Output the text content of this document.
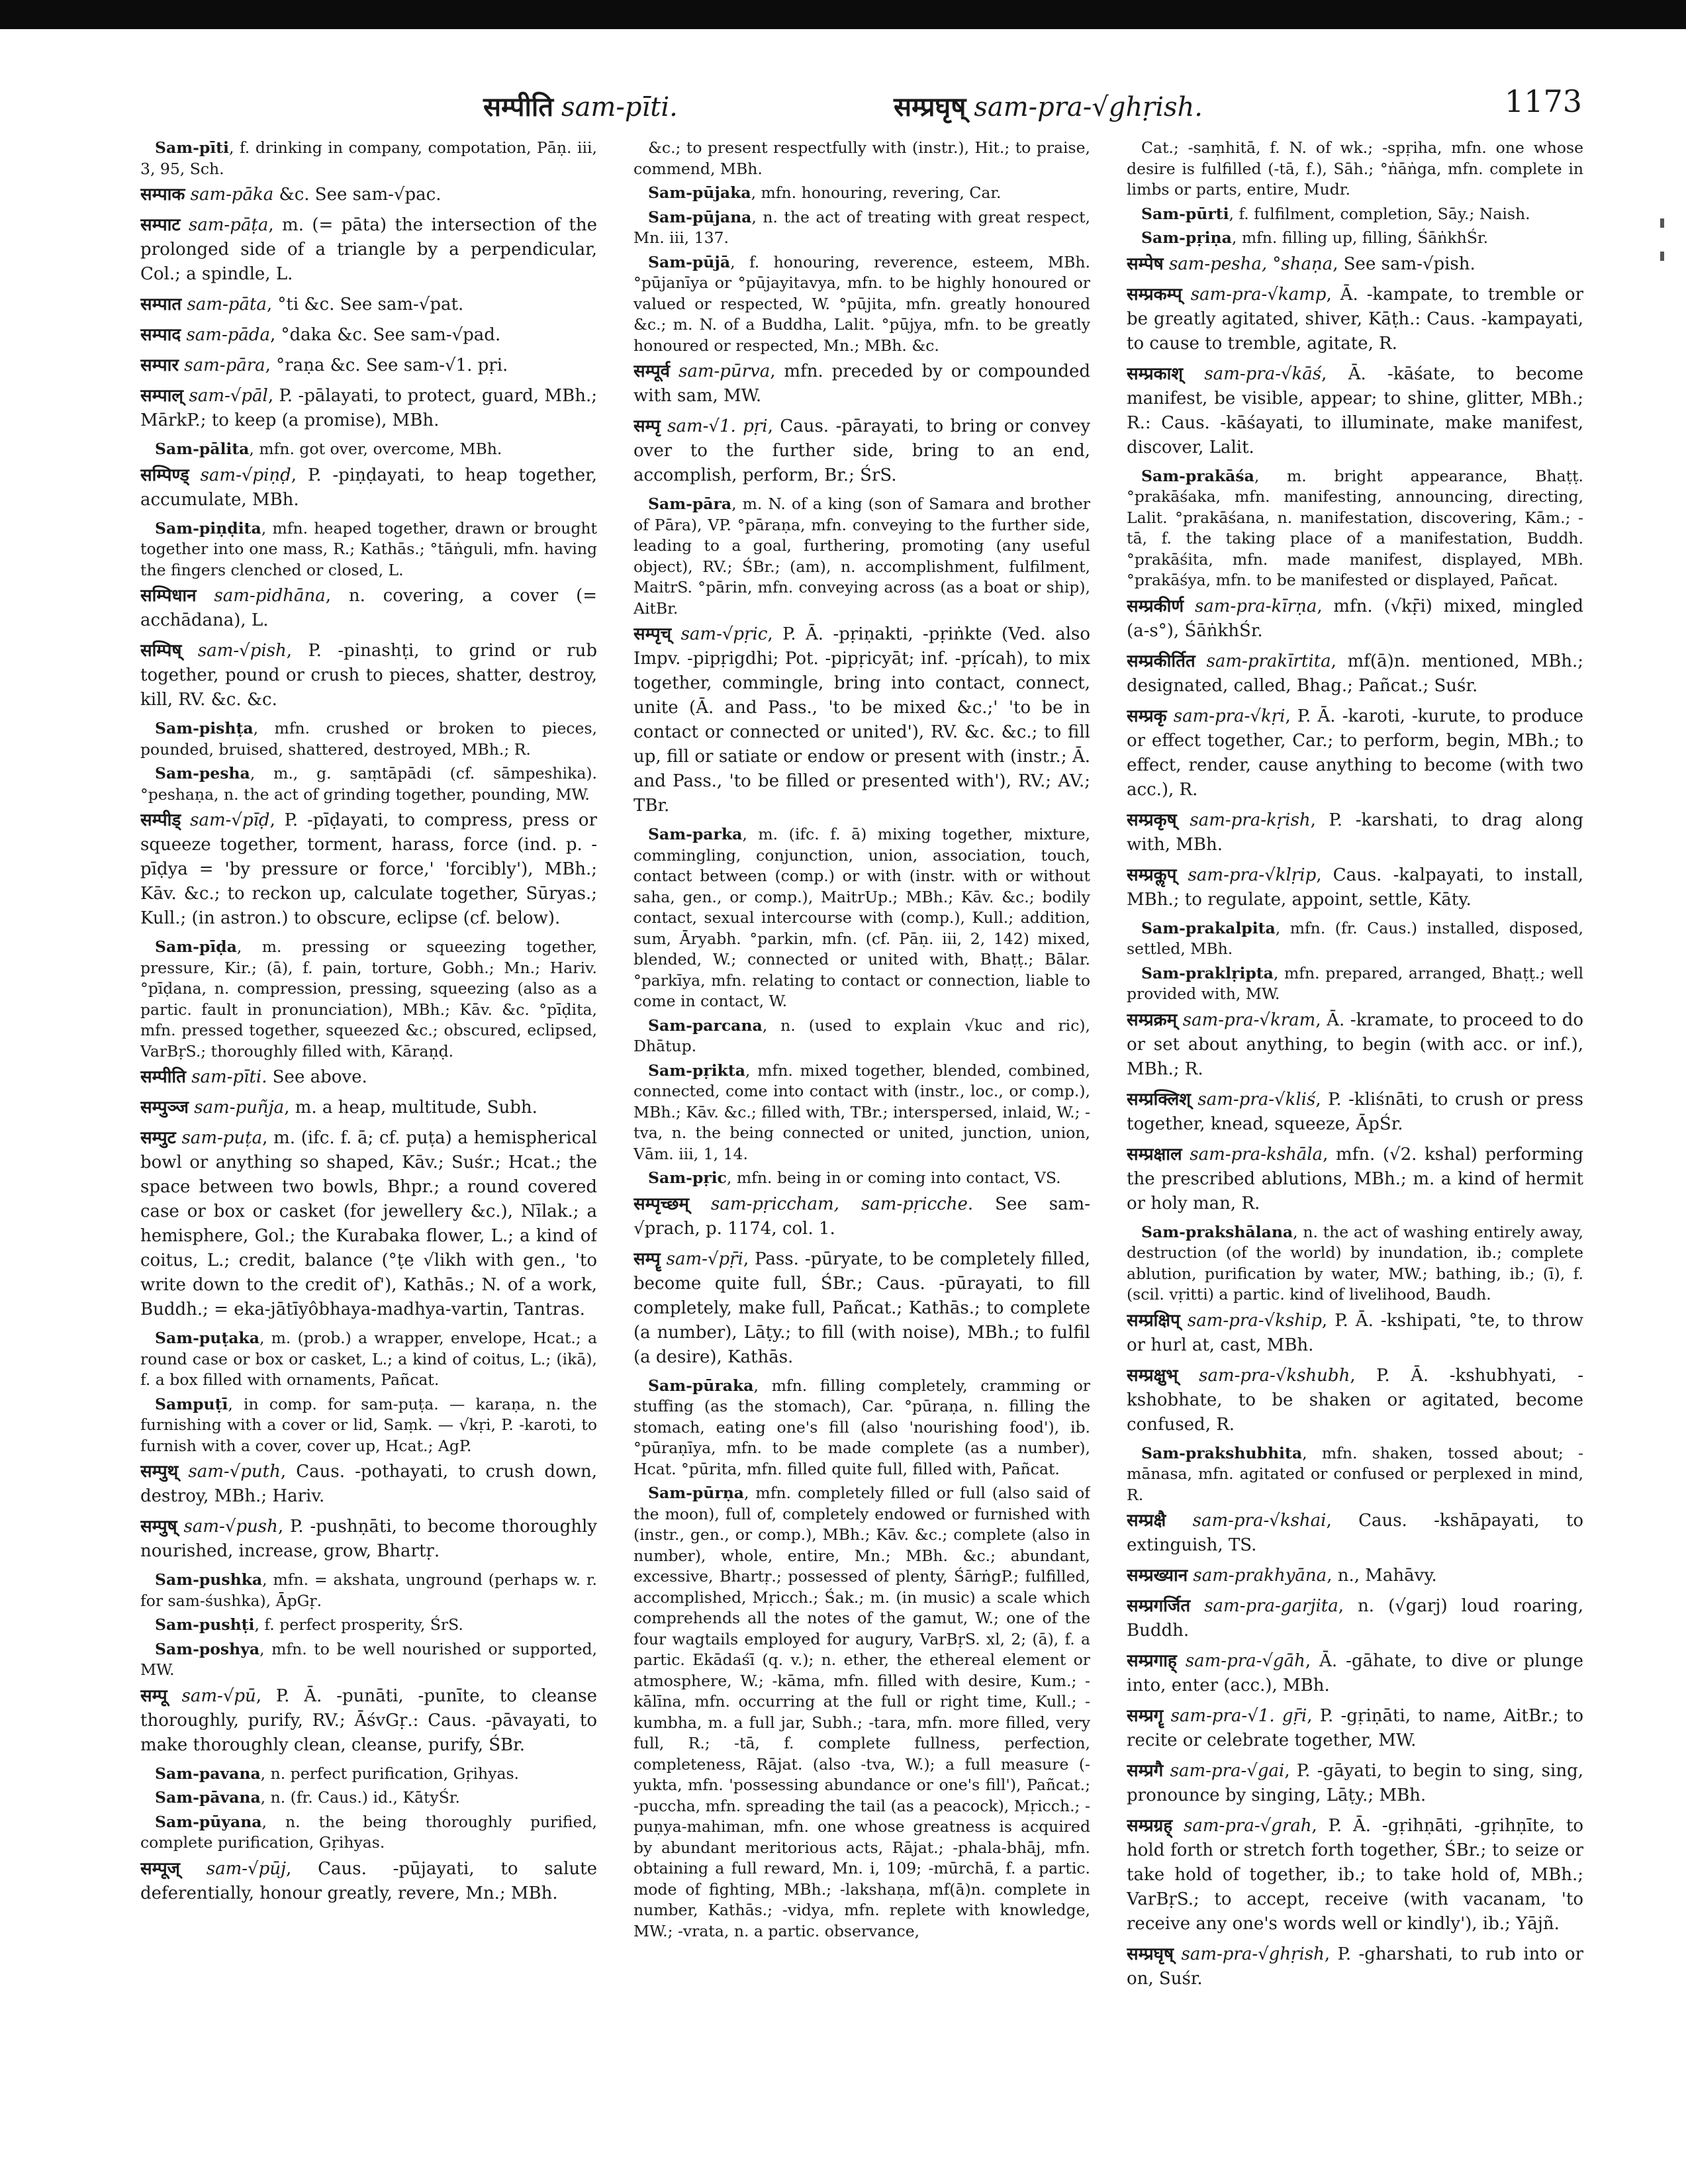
सम्पीति sam-pīti.	सम्प्रघृष् sam-pra-√ghṛish.	1173

Sam-pīti, f. drinking in company, compotation, Pāṇ. iii, 3, 95, Sch.

सम्पाक sam-pāka &c. See sam-√pac.

सम्पाट sam-pāṭa, m. (= pāta) the intersection of the prolonged side of a triangle by a perpendicular, Col.; a spindle, L.

सम्पात sam-pāta, °ti &c. See sam-√pat.

सम्पाद sam-pāda, °daka &c. See sam-√pad.

सम्पार sam-pāra, °raṇa &c. See sam-√1. pṛi.

सम्पाल् sam-√pāl, P. -pālayati, to protect, guard, MBh.; MārkP.; to keep (a promise), MBh.

Sam-pālita, mfn. got over, overcome, MBh.

सम्पिण्ड् sam-√piṇḍ, P. -piṇḍayati, to heap together, accumulate, MBh.

Sam-piṇḍita, mfn. heaped together, drawn or brought together into one mass, R.; Kathās.; °tāṅguli, mfn. having the fingers clenched or closed, L.

सम्पिधान sam-pidhāna, n. covering, a cover (= acchādana), L.

सम्पिष् sam-√pish, P. -pinashṭi, to grind or rub together, pound or crush to pieces, shatter, destroy, kill, RV. &c. &c.

Sam-pishṭa, mfn. crushed or broken to pieces, pounded, bruised, shattered, destroyed, MBh.; R.

Sam-pesha, m., g. saṃtāpādi (cf. sāmpeshika). °peshaṇa, n. the act of grinding together, pounding, MW.

सम्पीड् sam-√pīḍ, P. -pīḍayati, to compress, press or squeeze together, torment, harass, force (ind. p. -pīḍya = 'by pressure or force,' 'forcibly'), MBh.; Kāv. &c.; to reckon up, calculate together, Sūryas.; Kull.; (in astron.) to obscure, eclipse (cf. below).

Sam-pīḍa, m. pressing or squeezing together, pressure, Kir.; (ā), f. pain, torture, Gobh.; Mn.; Hariv. °pīḍana, n. compression, pressing, squeezing (also as a partic. fault in pronunciation), MBh.; Kāv. &c. °pīḍita, mfn. pressed together, squeezed &c.; obscured, eclipsed, VarBṛS.; thoroughly filled with, Kāraṇḍ.

सम्पीति sam-pīti. See above.

सम्पुञ्ज sam-puñja, m. a heap, multitude, Subh.

सम्पुट sam-puṭa, m. (ifc. f. ā; cf. puṭa) a hemispherical bowl or anything so shaped, Kāv.; Suśr.; Hcat.; the space between two bowls, Bhpr.; a round covered case or box or casket (for jewellery &c.), Nīlak.; a hemisphere, Gol.; the Kurabaka flower, L.; a kind of coitus, L.; credit, balance (°ṭe √likh with gen., 'to write down to the credit of'), Kathās.; N. of a work, Buddh.; = eka-jātīyôbhaya-madhya-vartin, Tantras.

Sam-puṭaka, m. (prob.) a wrapper, envelope, Hcat.; a round case or box or casket, L.; a kind of coitus, L.; (ikā), f. a box filled with ornaments, Pañcat.

Sampuṭī, in comp. for sam-puṭa. — karaṇa, n. the furnishing with a cover or lid, Saṃk. — √kṛi, P. -karoti, to furnish with a cover, cover up, Hcat.; AgP.

सम्पुथ् sam-√puth, Caus. -pothayati, to crush down, destroy, MBh.; Hariv.

सम्पुष् sam-√push, P. -pushṇāti, to become thoroughly nourished, increase, grow, Bhartṛ.

Sam-pushka, mfn. = akshata, unground (perhaps w. r. for sam-śushka), ĀpGṛ.

Sam-pushṭi, f. perfect prosperity, ŚrS.

Sam-poshya, mfn. to be well nourished or supported, MW.

सम्पू sam-√pū, P. Ā. -punāti, -punīte, to cleanse thoroughly, purify, RV.; ĀśvGṛ.: Caus. -pāvayati, to make thoroughly clean, cleanse, purify, ŚBr.

Sam-pavana, n. perfect purification, Gṛihyas.

Sam-pāvana, n. (fr. Caus.) id., KātyŚr.

Sam-pūyana, n. the being thoroughly purified, complete purification, Gṛihyas.

सम्पूज् sam-√pūj, Caus. -pūjayati, to salute deferentially, honour greatly, revere, Mn.; MBh.

&c.; to present respectfully with (instr.), Hit.; to praise, commend, MBh.

Sam-pūjaka, mfn. honouring, revering, Car.

Sam-pūjana, n. the act of treating with great respect, Mn. iii, 137.

Sam-pūjā, f. honouring, reverence, esteem, MBh. °pūjanīya or °pūjayitavya, mfn. to be highly honoured or valued or respected, W. °pūjita, mfn. greatly honoured &c.; m. N. of a Buddha, Lalit. °pūjya, mfn. to be greatly honoured or respected, Mn.; MBh. &c.

सम्पूर्व sam-pūrva, mfn. preceded by or compounded with sam, MW.

सम्पृ sam-√1. pṛi, Caus. -pārayati, to bring or convey over to the further side, bring to an end, accomplish, perform, Br.; ŚrS.

Sam-pāra, m. N. of a king (son of Samara and brother of Pāra), VP. °pāraṇa, mfn. conveying to the further side, leading to a goal, furthering, promoting (any useful object), RV.; ŚBr.; (am), n. accomplishment, fulfilment, MaitrS. °pārin, mfn. conveying across (as a boat or ship), AitBr.

सम्पृच् sam-√pṛic, P. Ā. -pṛiṇakti, -pṛiṅkte (Ved. also Impv. -pipṛigdhi; Pot. -pipṛicyāt; inf. -pṛícah), to mix together, commingle, bring into contact, connect, unite (Ā. and Pass., 'to be mixed &c.;' 'to be in contact or connected or united'), RV. &c. &c.; to fill up, fill or satiate or endow or present with (instr.; Ā. and Pass., 'to be filled or presented with'), RV.; AV.; TBr.

Sam-parka, m. (ifc. f. ā) mixing together, mixture, commingling, conjunction, union, association, touch, contact between (comp.) or with (instr. with or without saha, gen., or comp.), MaitrUp.; MBh.; Kāv. &c.; bodily contact, sexual intercourse with (comp.), Kull.; addition, sum, Āryabh. °parkin, mfn. (cf. Pāṇ. iii, 2, 142) mixed, blended, W.; connected or united with, Bhaṭṭ.; Bālar. °parkīya, mfn. relating to contact or connection, liable to come in contact, W.

Sam-parcana, n. (used to explain √kuc and ric), Dhātup.

Sam-pṛikta, mfn. mixed together, blended, combined, connected, come into contact with (instr., loc., or comp.), MBh.; Kāv. &c.; filled with, TBr.; interspersed, inlaid, W.; -tva, n. the being connected or united, junction, union, Vām. iii, 1, 14.

Sam-pṛic, mfn. being in or coming into contact, VS.

सम्पृच्छम् sam-pṛiccham, sam-pṛicche. See sam-√prach, p. 1174, col. 1.

सम्पॄ sam-√pṝi, Pass. -pūryate, to be completely filled, become quite full, ŚBr.; Caus. -pūrayati, to fill completely, make full, Pañcat.; Kathās.; to complete (a number), Lāṭy.; to fill (with noise), MBh.; to fulfil (a desire), Kathās.

Sam-pūraka, mfn. filling completely, cramming or stuffing (as the stomach), Car. °pūraṇa, n. filling the stomach, eating one's fill (also 'nourishing food'), ib. °pūraṇīya, mfn. to be made complete (as a number), Hcat. °pūrita, mfn. filled quite full, filled with, Pañcat.

Sam-pūrṇa, mfn. completely filled or full (also said of the moon), full of, completely endowed or furnished with (instr., gen., or comp.), MBh.; Kāv. &c.; complete (also in number), whole, entire, Mn.; MBh. &c.; abundant, excessive, Bhartṛ.; possessed of plenty, ŚārṅgP.; fulfilled, accomplished, Mṛicch.; Śak.; m. (in music) a scale which comprehends all the notes of the gamut, W.; one of the four wagtails employed for augury, VarBṛS. xl, 2; (ā), f. a partic. Ekādaśī (q. v.); n. ether, the ethereal element or atmosphere, W.; -kāma, mfn. filled with desire, Kum.; -kālīna, mfn. occurring at the full or right time, Kull.; -kumbha, m. a full jar, Subh.; -tara, mfn. more filled, very full, R.; -tā, f. complete fullness, perfection, completeness, Rājat. (also -tva, W.); a full measure (-yukta, mfn. 'possessing abundance or one's fill'), Pañcat.; -puccha, mfn. spreading the tail (as a peacock), Mṛicch.; -puṇya-mahiman, mfn. one whose greatness is acquired by abundant meritorious acts, Rājat.; -phala-bhāj, mfn. obtaining a full reward, Mn. i, 109; -mūrchā, f. a partic. mode of fighting, MBh.; -lakshaṇa, mf(ā)n. complete in number, Kathās.; -vidya, mfn. replete with knowledge, MW.; -vrata, n. a partic. observance,

Cat.; -saṃhitā, f. N. of wk.; -spṛiha, mfn. one whose desire is fulfilled (-tā, f.), Sāh.; °ṅāṅga, mfn. complete in limbs or parts, entire, Mudr.

Sam-pūrti, f. fulfilment, completion, Sāy.; Naish.

Sam-pṛiṇa, mfn. filling up, filling, ŚāṅkhŚr.

सम्पेष sam-pesha, °shaṇa, See sam-√pish.

सम्प्रकम्प् sam-pra-√kamp, Ā. -kampate, to tremble or be greatly agitated, shiver, Kāṭh.: Caus. -kampayati, to cause to tremble, agitate, R.

सम्प्रकाश् sam-pra-√kāś, Ā. -kāśate, to become manifest, be visible, appear; to shine, glitter, MBh.; R.: Caus. -kāśayati, to illuminate, make manifest, discover, Lalit.

Sam-prakāśa, m. bright appearance, Bhaṭṭ. °prakāśaka, mfn. manifesting, announcing, directing, Lalit. °prakāśana, n. manifestation, discovering, Kām.; -tā, f. the taking place of a manifestation, Buddh. °prakāśita, mfn. made manifest, displayed, MBh. °prakāśya, mfn. to be manifested or displayed, Pañcat.

सम्प्रकीर्ण sam-pra-kīrṇa, mfn. (√kṝi) mixed, mingled (a-s°), ŚāṅkhŚr.

सम्प्रकीर्तित sam-prakīrtita, mf(ā)n. mentioned, MBh.; designated, called, Bhag.; Pañcat.; Suśr.

सम्प्रकृ sam-pra-√kṛi, P. Ā. -karoti, -kurute, to produce or effect together, Car.; to perform, begin, MBh.; to effect, render, cause anything to become (with two acc.), R.

सम्प्रकृष् sam-pra-kṛish, P. -karshati, to drag along with, MBh.

सम्प्रकॢप् sam-pra-√klṛip, Caus. -kalpayati, to install, MBh.; to regulate, appoint, settle, Kāty.

Sam-prakalpita, mfn. (fr. Caus.) installed, disposed, settled, MBh.

Sam-praklṛipta, mfn. prepared, arranged, Bhaṭṭ.; well provided with, MW.

सम्प्रक्रम् sam-pra-√kram, Ā. -kramate, to proceed to do or set about anything, to begin (with acc. or inf.), MBh.; R.

सम्प्रक्लिश् sam-pra-√kliś, P. -kliśnāti, to crush or press together, knead, squeeze, ĀpŚr.

सम्प्रक्षाल sam-pra-kshāla, mfn. (√2. kshal) performing the prescribed ablutions, MBh.; m. a kind of hermit or holy man, R.

Sam-prakshālana, n. the act of washing entirely away, destruction (of the world) by inundation, ib.; complete ablution, purification by water, MW.; bathing, ib.; (ī), f. (scil. vṛitti) a partic. kind of livelihood, Baudh.

सम्प्रक्षिप् sam-pra-√kship, P. Ā. -kshipati, °te, to throw or hurl at, cast, MBh.

सम्प्रक्षुभ् sam-pra-√kshubh, P. Ā. -kshubhyati, -kshobhate, to be shaken or agitated, become confused, R.

Sam-prakshubhita, mfn. shaken, tossed about; -mānasa, mfn. agitated or confused or perplexed in mind, R.

सम्प्रक्षै sam-pra-√kshai, Caus. -kshāpayati, to extinguish, TS.

सम्प्रख्यान sam-prakhyāna, n., Mahāvy.

सम्प्रगर्जित sam-pra-garjita, n. (√garj) loud roaring, Buddh.

सम्प्रगाह् sam-pra-√gāh, Ā. -gāhate, to dive or plunge into, enter (acc.), MBh.

सम्प्रगॄ sam-pra-√1. gṝi, P. -gṛiṇāti, to name, AitBr.; to recite or celebrate together, MW.

सम्प्रगै sam-pra-√gai, P. -gāyati, to begin to sing, sing, pronounce by singing, Lāṭy.; MBh.

सम्प्रग्रह् sam-pra-√grah, P. Ā. -gṛihṇāti, -gṛihṇīte, to hold forth or stretch forth together, ŚBr.; to seize or take hold of together, ib.; to take hold of, MBh.; VarBṛS.; to accept, receive (with vacanam, 'to receive any one's words well or kindly'), ib.; Yājñ.

सम्प्रघृष् sam-pra-√ghṛish, P. -gharshati, to rub into or on, Suśr.
